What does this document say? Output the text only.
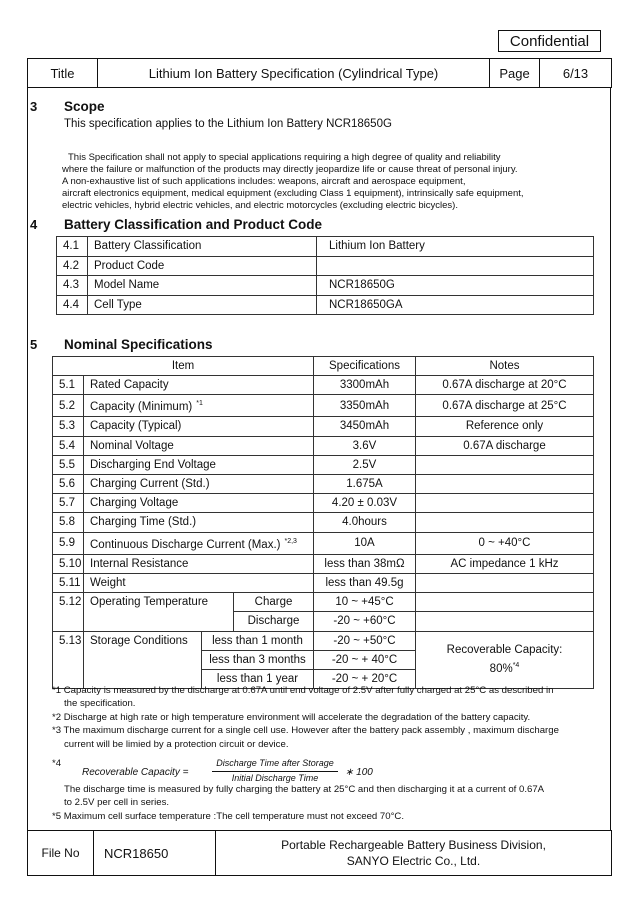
Confidential
Title	Lithium Ion Battery Specification (Cylindrical Type)	Page	6/13
3 Scope
This specification applies to the Lithium Ion Battery NCR18650G
This Specification shall not apply to special applications requiring a high degree of quality and reliability
where the failure or malfunction of the products may directly jeopardize life or cause threat of personal injury.
A non-exhaustive list of such applications includes: weapons, aircraft and aerospace equipment,
aircraft electronics equipment, medical equipment (excluding Class 1 equipment), intrinsically safe equipment,
electric vehicles, hybrid electric vehicles, and electric motorcycles (excluding electric bicycles).
4 Battery Classification and Product Code
4.1	Battery Classification	Lithium Ion Battery
4.2	Product Code	
4.3	Model Name	NCR18650G
4.4	Cell Type	NCR18650GA
5 Nominal Specifications
Item				Specifications	Notes
5.1	Rated Capacity			3300mAh	0.67A discharge at 20°C
5.2	Capacity (Minimum) $^{*1}$			3350mAh	0.67A discharge at 25°C
5.3	Capacity (Typical)			3450mAh	Reference only
5.4	Nominal Voltage			3.6V	0.67A discharge
5.5	Discharging End Voltage			2.5V	
5.6	Charging Current (Std.)			1.675A	
5.7	Charging Voltage			4.20 ± 0.03V	
5.8	Charging Time (Std.)			4.0hours	
5.9	Continuous Discharge Current (Max.) $^{*2,3}$			10A	0 ~ +40°C
5.10	Internal Resistance			less than 38mΩ	AC impedance 1 kHz
5.11	Weight			less than 49.5g	
5.12	Operating Temperature		Charge	10 ~ +45°C	
			Discharge	-20 ~ +60°C	
5.13	Storage Conditions	less than 1 month		-20 ~ +50°C	Recoverable Capacity:
80%$^{*4}$

		less than 3 months		-20 ~ + 40°C	
		less than 1 year		-20 ~ + 20°C	
*1 Capacity is measured by the discharge at 0.67A until end voltage of 2.5V after fully charged at 25°C as described in
the specification.
*2 Discharge at high rate or high temperature environment will accelerate the degradation of the battery capacity.
*3 The maximum discharge current for a single cell use. However after the battery pack assembly , maximum discharge
current will be limied by a protection circuit or device.
*4
Recoverable Capacity =
Discharge Time after Storage
Initial Discharge Time	∗ 100
The discharge time is measured by fully charging the battery at 25°C and then discharging it at a current of 0.67A
to 2.5V per cell in series.
*5 Maximum cell surface temperature :The cell temperature must not exceed 70°C.
File No	NCR18650	
Portable Rechargeable Battery Business Division,
SANYO Electric Co., Ltd.
